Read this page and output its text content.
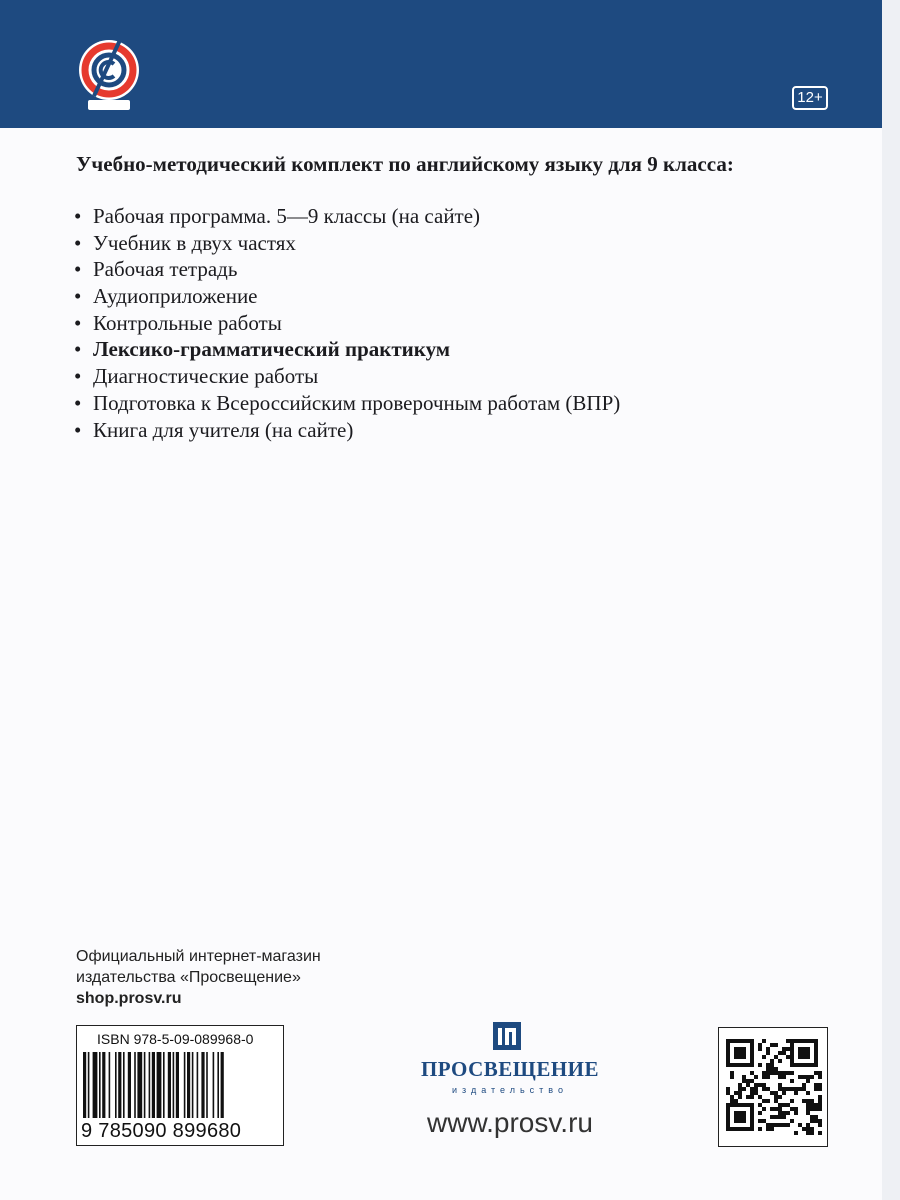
12+
Учебно-методический комплект по английскому языку для 9 класса:
• Рабочая программа. 5—9 классы (на сайте)
• Учебник в двух частях
• Рабочая тетрадь
• Аудиоприложение
• Контрольные работы
• Лексико-грамматический практикум
• Диагностические работы
• Подготовка к Всероссийским проверочным работам (ВПР)
• Книга для учителя (на сайте)
Официальный интернет-магазин
издательства «Просвещение»
shop.prosv.ru
ISBN 978-5-09-089968-0
9 785090 899680
ПРОСВЕЩЕНИЕ
издательство
www.prosv.ru
